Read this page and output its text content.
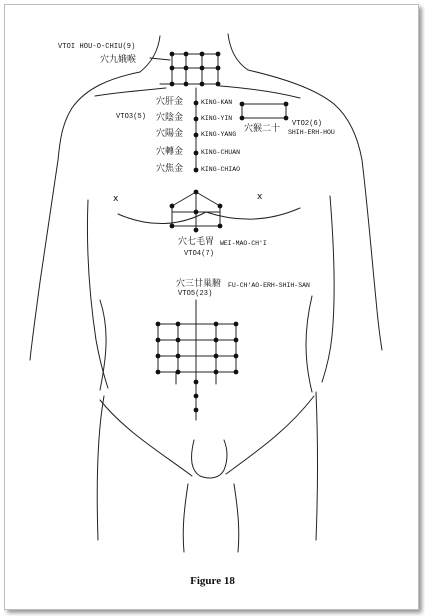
VTOI HOU-O-CHIU(9)
穴九娥喉
VTO3(5)
VTO2(6)
穴猴二十 SHIH-ERH-HOU
穴肝金	KING-KAN
穴陰金	KING-YIN
穴陽金	KING-YANG
穴轉金	KING-CHUAN
穴焦金	KING-CHIAO
x	x
穴七毛胃 WEI-MAO-CH'I
VTO4(7)
穴三廿巢腑 FU-CH'AO-ERH-SHIH-SAN
VTO5(23)
Figure 18
